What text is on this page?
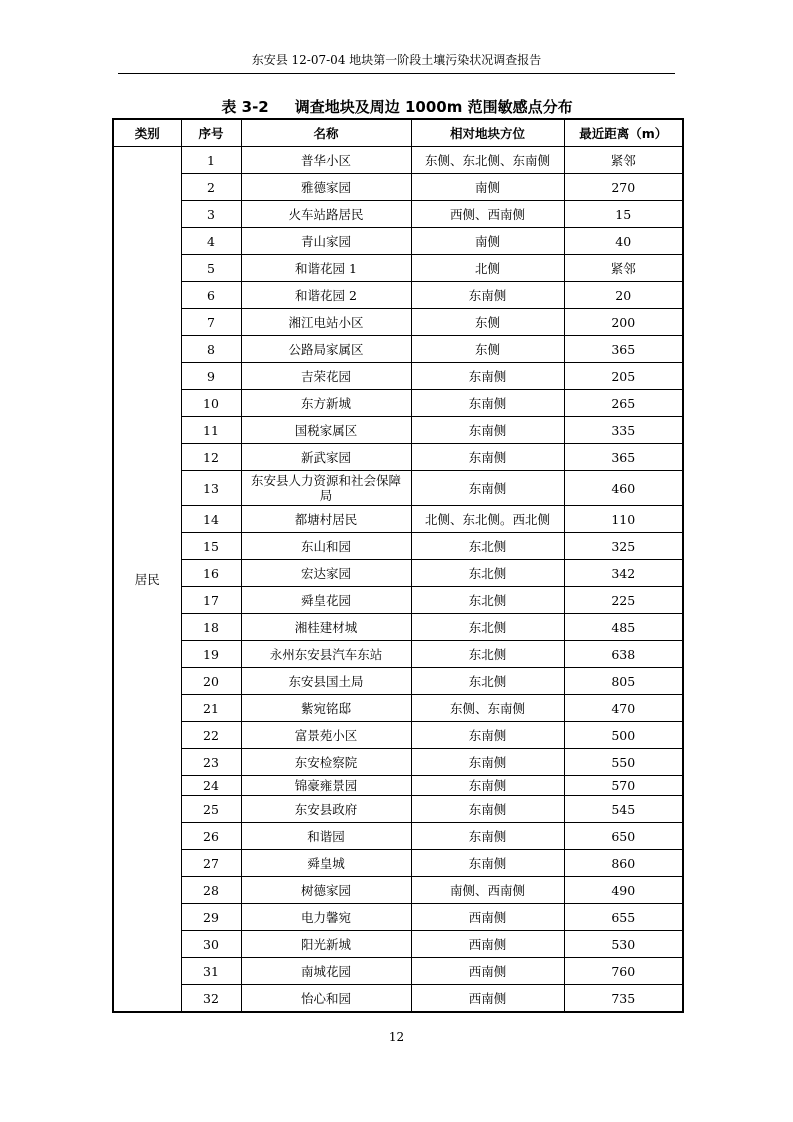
东安县 12-07-04 地块第一阶段土壤污染状况调查报告
表 3-2 调查地块及周边 1000m 范围敏感点分布
类别	序号	名称	相对地块方位	最近距离（m）
居民	1	普华小区	东侧、东北侧、东南侧	紧邻
	2	雅德家园	南侧	270
	3	火车站路居民	西侧、西南侧	15
	4	青山家园	南侧	40
	5	和谐花园 1	北侧	紧邻
	6	和谐花园 2	东南侧	20
	7	湘江电站小区	东侧	200
	8	公路局家属区	东侧	365
	9	吉荣花园	东南侧	205
	10	东方新城	东南侧	265
	11	国税家属区	东南侧	335
	12	新武家园	东南侧	365
	13	东安县人力资源和社会保障局	东南侧	460
	14	都塘村居民	北侧、东北侧。西北侧	110
	15	东山和园	东北侧	325
	16	宏达家园	东北侧	342
	17	舜皇花园	东北侧	225
	18	湘桂建材城	东北侧	485
	19	永州东安县汽车东站	东北侧	638
	20	东安县国土局	东北侧	805
	21	紫宛铭邸	东侧、东南侧	470
	22	富景苑小区	东南侧	500
	23	东安检察院	东南侧	550
	24	锦豪雍景园	东南侧	570
	25	东安县政府	东南侧	545
	26	和谐园	东南侧	650
	27	舜皇城	东南侧	860
	28	树德家园	南侧、西南侧	490
	29	电力馨宛	西南侧	655
	30	阳光新城	西南侧	530
	31	南城花园	西南侧	760
	32	怡心和园	西南侧	735
12
